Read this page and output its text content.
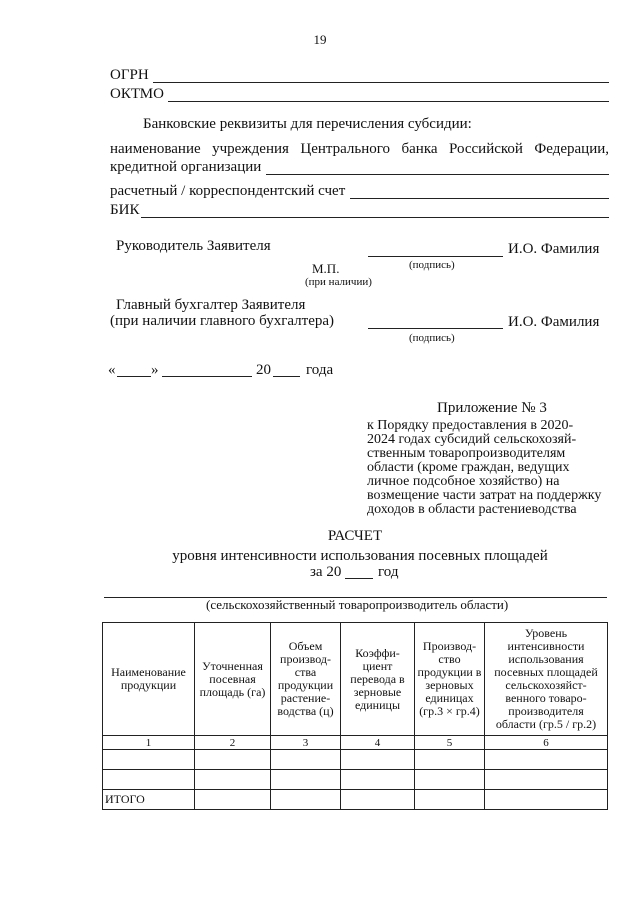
19
ОГРН
ОКТМО
Банковские реквизиты для перечисления субсидии:
наименование учреждения Центрального банка Российской Федерации,
кредитной организации
расчетный / корреспондентский счет
БИК
Руководитель Заявителя	И.О. Фамилия
(подпись)
М.П.
(при наличии)
Главный бухгалтер Заявителя
(при наличии главного бухгалтера)	И.О. Фамилия
(подпись)
« »	20 года
Приложение № 3
к Порядку предоставления в 2020-
2024 годах субсидий сельскохозяй-
ственным товаропроизводителям
области (кроме граждан, ведущих
личное подсобное хозяйство) на
возмещение части затрат на поддержку
доходов в области растениеводства
РАСЧЕТ
уровня интенсивности использования посевных площадей
за 20 год
(сельскохозяйственный товаропроизводитель области)
Наименование продукции	Уточненная посевная площадь (га)	Объем производ-ства продукции растение-водства (ц)	Коэффи-циент перевода в зерновые единицы	Производ-ство продукции в зерновых единицах (гр.3 × гр.4)	Уровень интенсивности использования посевных площадей сельскохозяйст-венного товаро-производителя области (гр.5 / гр.2)
1	2	3	4	5	6

ИТОГО					
